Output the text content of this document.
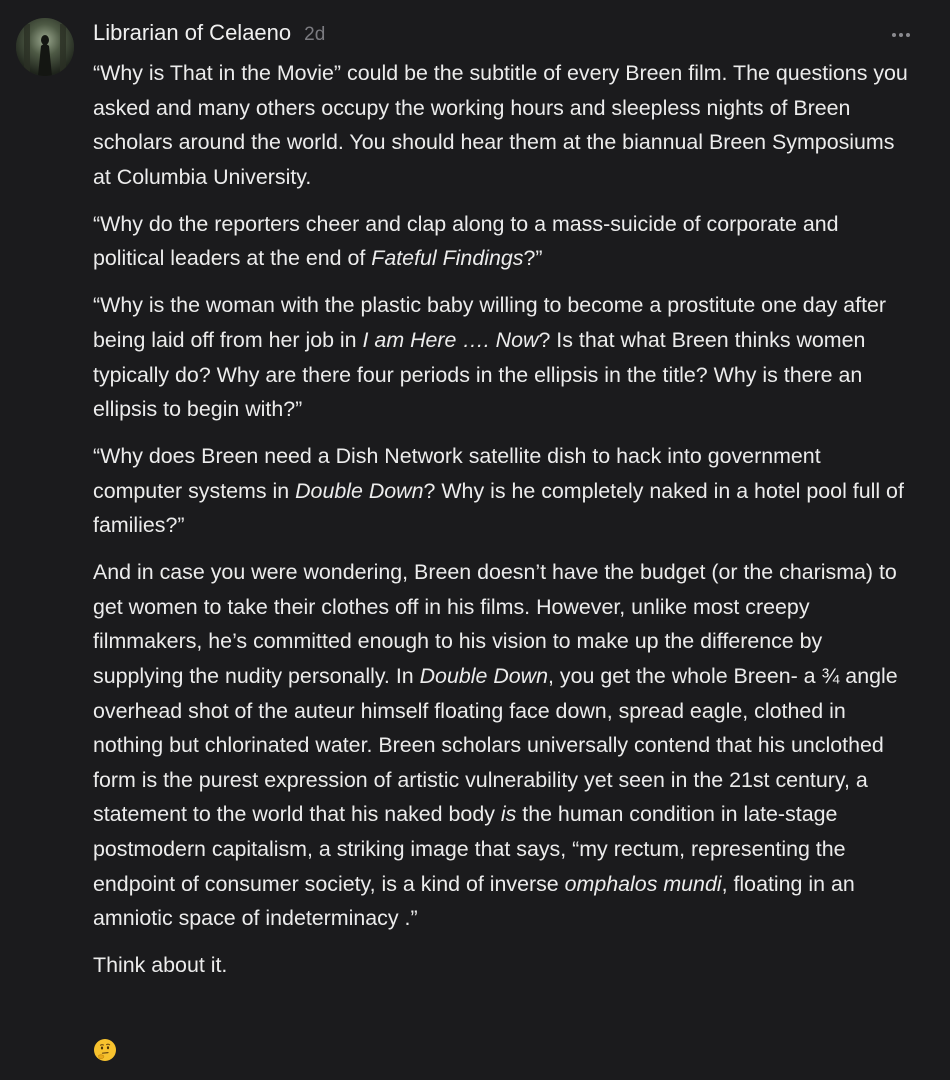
Librarian of Celaeno 2d

“Why is That in the Movie” could be the subtitle of every Breen film. The questions you asked and many others occupy the working hours and sleepless nights of Breen scholars around the world. You should hear them at the biannual Breen Symposiums at Columbia University.

“Why do the reporters cheer and clap along to a mass-suicide of corporate and political leaders at the end of Fateful Findings?”

“Why is the woman with the plastic baby willing to become a prostitute one day after being laid off from her job in I am Here …. Now? Is that what Breen thinks women typically do? Why are there four periods in the ellipsis in the title? Why is there an ellipsis to begin with?”

“Why does Breen need a Dish Network satellite dish to hack into government computer systems in Double Down? Why is he completely naked in a hotel pool full of families?”

And in case you were wondering, Breen doesn’t have the budget (or the charisma) to get women to take their clothes off in his films. However, unlike most creepy filmmakers, he’s committed enough to his vision to make up the difference by supplying the nudity personally. In Double Down, you get the whole Breen- a ¾ angle overhead shot of the auteur himself floating face down, spread eagle, clothed in nothing but chlorinated water. Breen scholars universally contend that his unclothed form is the purest expression of artistic vulnerability yet seen in the 21st century, a statement to the world that his naked body is the human condition in late-stage postmodern capitalism, a striking image that says, “my rectum, representing the endpoint of consumer society, is a kind of inverse omphalos mundi, floating in an amniotic space of indeterminacy .”

Think about it.
